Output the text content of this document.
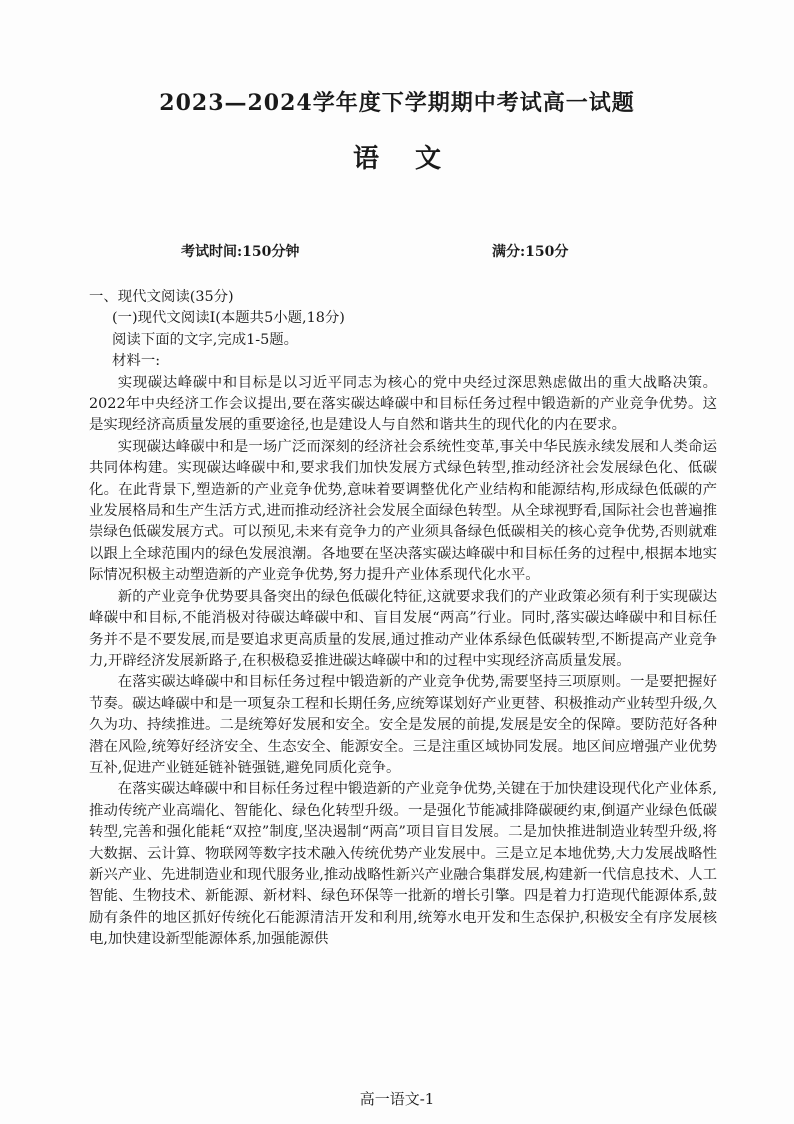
2023—2024学年度下学期期中考试高一试题
语文
考试时间:150分钟	满分:150分

一、现代文阅读(35分)

(一)现代文阅读Ⅰ(本题共5小题,18分)

阅读下面的文字,完成1-5题。

材料一:

实现碳达峰碳中和目标是以习近平同志为核心的党中央经过深思熟虑做出的重大战略决策。2022年中央经济工作会议提出,要在落实碳达峰碳中和目标任务过程中锻造新的产业竞争优势。这是实现经济高质量发展的重要途径,也是建设人与自然和谐共生的现代化的内在要求。

实现碳达峰碳中和是一场广泛而深刻的经济社会系统性变革,事关中华民族永续发展和人类命运共同体构建。实现碳达峰碳中和,要求我们加快发展方式绿色转型,推动经济社会发展绿色化、低碳化。在此背景下,塑造新的产业竞争优势,意味着要调整优化产业结构和能源结构,形成绿色低碳的产业发展格局和生产生活方式,进而推动经济社会发展全面绿色转型。从全球视野看,国际社会也普遍推崇绿色低碳发展方式。可以预见,未来有竞争力的产业须具备绿色低碳相关的核心竞争优势,否则就难以跟上全球范围内的绿色发展浪潮。各地要在坚决落实碳达峰碳中和目标任务的过程中,根据本地实际情况积极主动塑造新的产业竞争优势,努力提升产业体系现代化水平。

新的产业竞争优势要具备突出的绿色低碳化特征,这就要求我们的产业政策必须有利于实现碳达峰碳中和目标,不能消极对待碳达峰碳中和、盲目发展“两高”行业。同时,落实碳达峰碳中和目标任务并不是不要发展,而是要追求更高质量的发展,通过推动产业体系绿色低碳转型,不断提高产业竞争力,开辟经济发展新路子,在积极稳妥推进碳达峰碳中和的过程中实现经济高质量发展。

在落实碳达峰碳中和目标任务过程中锻造新的产业竞争优势,需要坚持三项原则。一是要把握好节奏。碳达峰碳中和是一项复杂工程和长期任务,应统筹谋划好产业更替、积极推动产业转型升级,久久为功、持续推进。二是统筹好发展和安全。安全是发展的前提,发展是安全的保障。要防范好各种潜在风险,统筹好经济安全、生态安全、能源安全。三是注重区域协同发展。地区间应增强产业优势互补,促进产业链延链补链强链,避免同质化竞争。

在落实碳达峰碳中和目标任务过程中锻造新的产业竞争优势,关键在于加快建设现代化产业体系,推动传统产业高端化、智能化、绿色化转型升级。一是强化节能减排降碳硬约束,倒逼产业绿色低碳转型,完善和强化能耗“双控”制度,坚决遏制“两高”项目盲目发展。二是加快推进制造业转型升级,将大数据、云计算、物联网等数字技术融入传统优势产业发展中。三是立足本地优势,大力发展战略性新兴产业、先进制造业和现代服务业,推动战略性新兴产业融合集群发展,构建新一代信息技术、人工智能、生物技术、新能源、新材料、绿色环保等一批新的增长引擎。四是着力打造现代能源体系,鼓励有条件的地区抓好传统化石能源清洁开发和利用,统筹水电开发和生态保护,积极安全有序发展核电,加快建设新型能源体系,加强能源供

高一语文-1
